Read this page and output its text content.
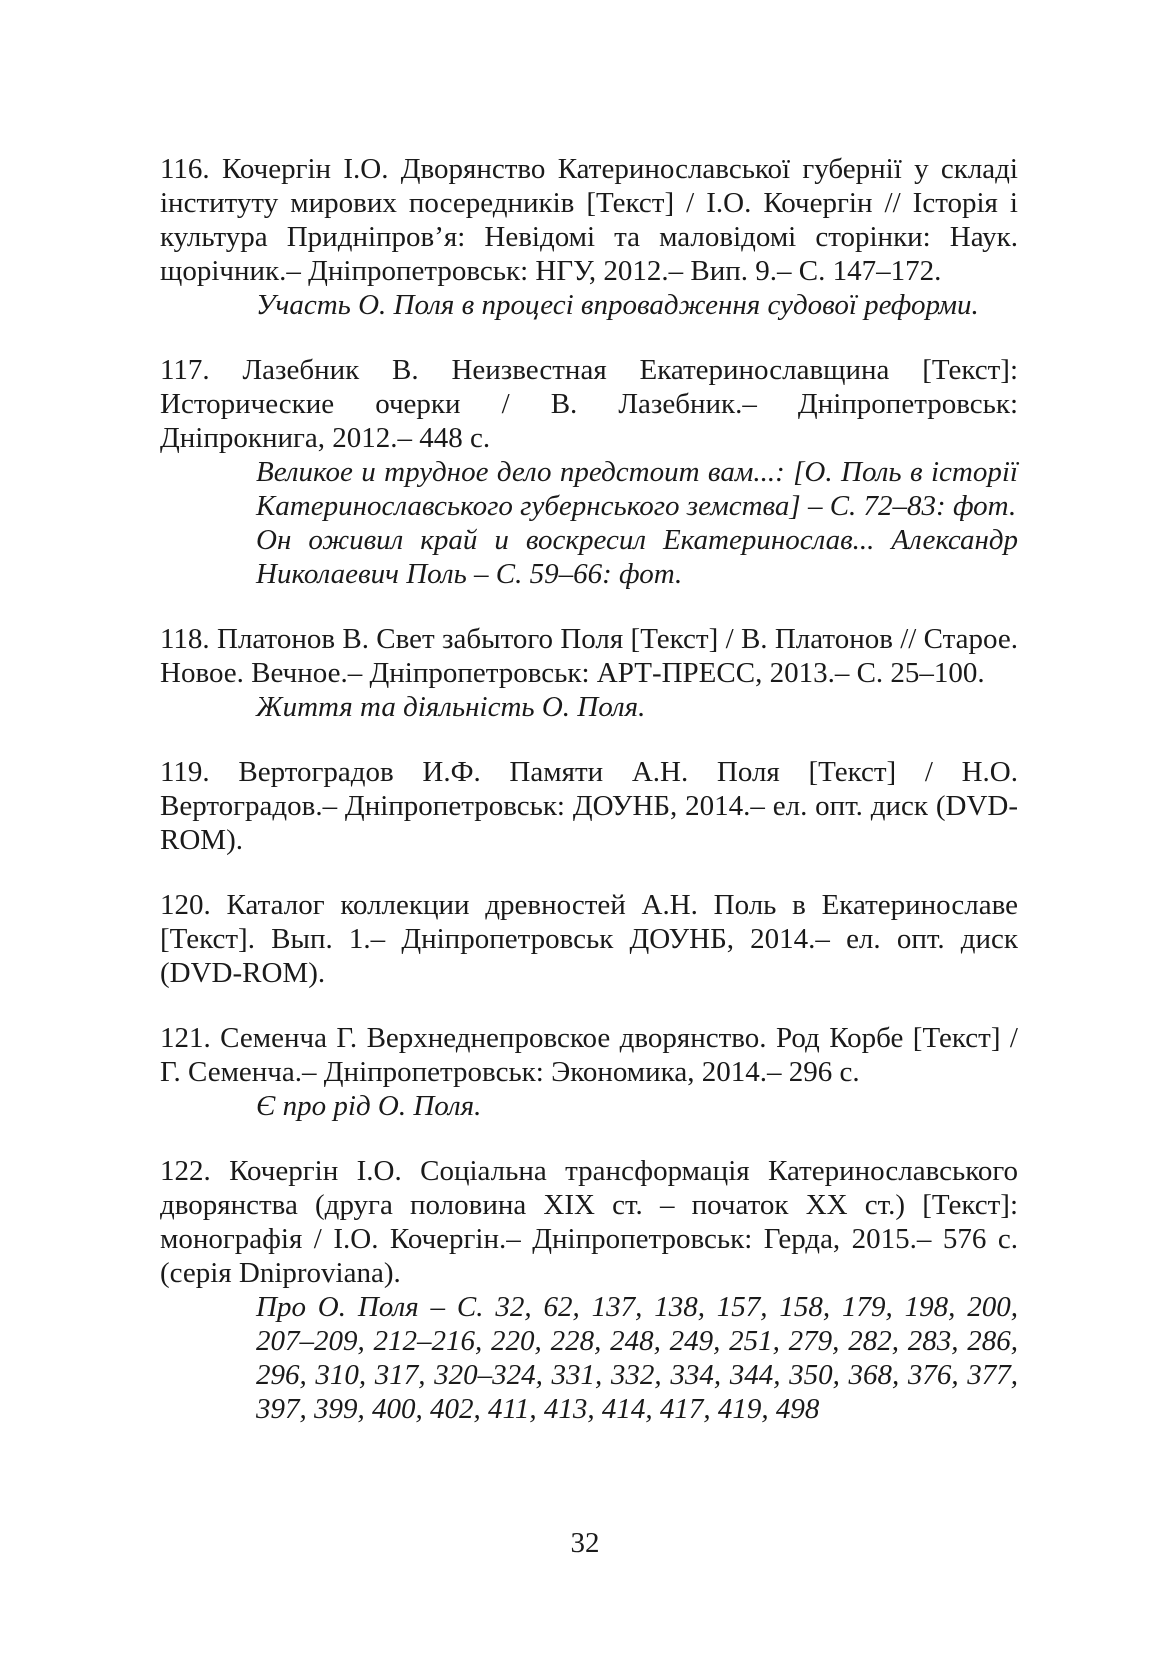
116. Кочергін І.О. Дворянство Катеринославської губернії у складі інституту мирових посередників [Текст] / І.О. Кочергін // Історія і культура Придніпров’я: Невідомі та маловідомі сторінки: Наук. щорічник.– Дніпропетровськ: НГУ, 2012.– Вип. 9.– С. 147–172.

Участь О. Поля в процесі впровадження судової реформи.

117. Лазебник В. Неизвестная Екатеринославщина [Текст]: Исторические очерки / В. Лазебник.– Дніпропетровськ: Дніпрокнига, 2012.– 448 с.

Великое и трудное дело предстоит вам...: [О. Поль в історії Катеринославського губернського земства] – С. 72–83: фот.

Он оживил край и воскресил Екатеринослав... Александр Николаевич Поль – С. 59–66: фот.

118. Платонов В. Свет забытого Поля [Текст] / В. Платонов // Старое. Новое. Вечное.– Дніпропетровськ: АРТ-ПРЕСС, 2013.– С. 25–100.

Життя та діяльність О. Поля.

119. Вертоградов И.Ф. Памяти А.Н. Поля [Текст] / Н.О. Вертоградов.– Дніпропетровськ: ДОУНБ, 2014.– ел. опт. диск (DVD-ROM).

120. Каталог коллекции древностей А.Н. Поль в Екатеринославе [Текст]. Вып. 1.– Дніпропетровськ ДОУНБ, 2014.– ел. опт. диск (DVD-ROM).

121. Семенча Г. Верхнеднепровское дворянство. Род Корбе [Текст] / Г. Семенча.– Дніпропетровськ: Экономика, 2014.– 296 с.

Є про рід О. Поля.

122. Кочергін І.О. Соціальна трансформація Катеринославського дворянства (друга половина XIX ст. – початок XX ст.) [Текст]: монографія / І.О. Кочергін.– Дніпропетровськ: Герда, 2015.– 576 с. (серія Dniproviana).

Про О. Поля – С. 32, 62, 137, 138, 157, 158, 179, 198, 200, 207–209, 212–216, 220, 228, 248, 249, 251, 279, 282, 283, 286, 296, 310, 317, 320–324, 331, 332, 334, 344, 350, 368, 376, 377, 397, 399, 400, 402, 411, 413, 414, 417, 419, 498

32
